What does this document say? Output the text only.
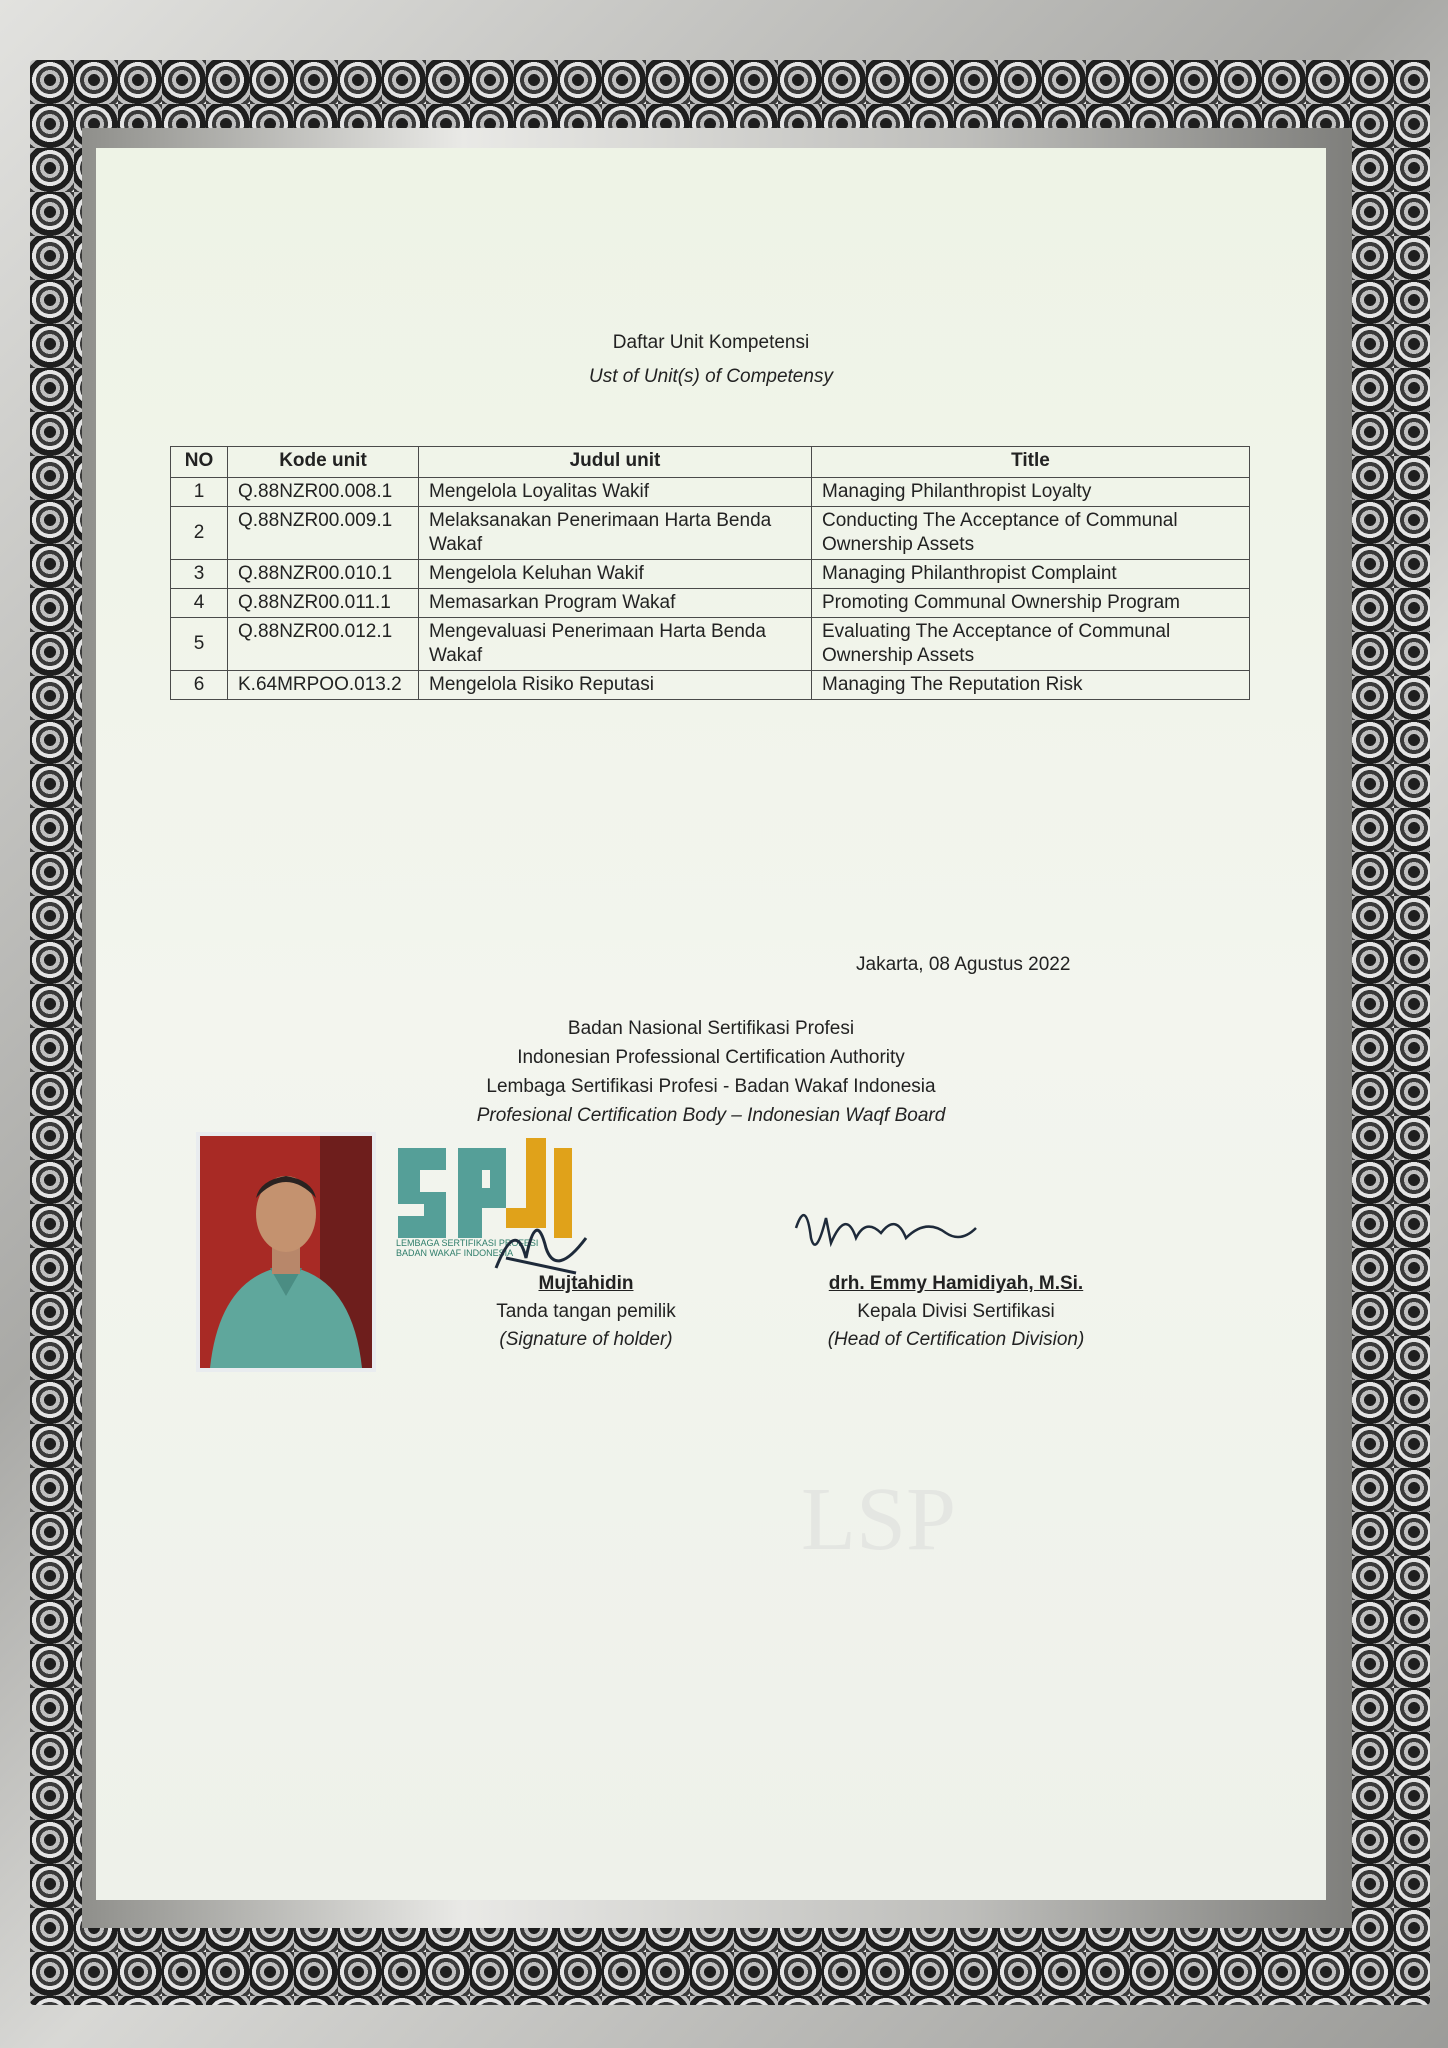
Daftar Unit Kompetensi
Ust of Unit(s) of Competensy
NO	Kode unit	Judul unit	Title
1	Q.88NZR00.008.1	Mengelola Loyalitas Wakif	Managing Philanthropist Loyalty
2	Q.88NZR00.009.1	Melaksanakan Penerimaan Harta Benda Wakaf	Conducting The Acceptance of Communal Ownership Assets
3	Q.88NZR00.010.1	Mengelola Keluhan Wakif	Managing Philanthropist Complaint
4	Q.88NZR00.011.1	Memasarkan Program Wakaf	Promoting Communal Ownership Program
5	Q.88NZR00.012.1	Mengevaluasi Penerimaan Harta Benda Wakaf	Evaluating The Acceptance of Communal Ownership Assets
6	K.64MRPOO.013.2	Mengelola Risiko Reputasi	Managing The Reputation Risk
Jakarta, 08 Agustus 2022
Badan Nasional Sertifikasi Profesi
Indonesian Professional Certification Authority
Lembaga Sertifikasi Profesi - Badan Wakaf Indonesia
Profesional Certification Body – Indonesian Waqf Board
LSP
LEMBAGA SERTIFIKASI PROFESI
BADAN WAKAF INDONESIA
Mujtahidin
Tanda tangan pemilik
(Signature of holder)
drh. Emmy Hamidiyah, M.Si.
Kepala Divisi Sertifikasi
(Head of Certification Division)
